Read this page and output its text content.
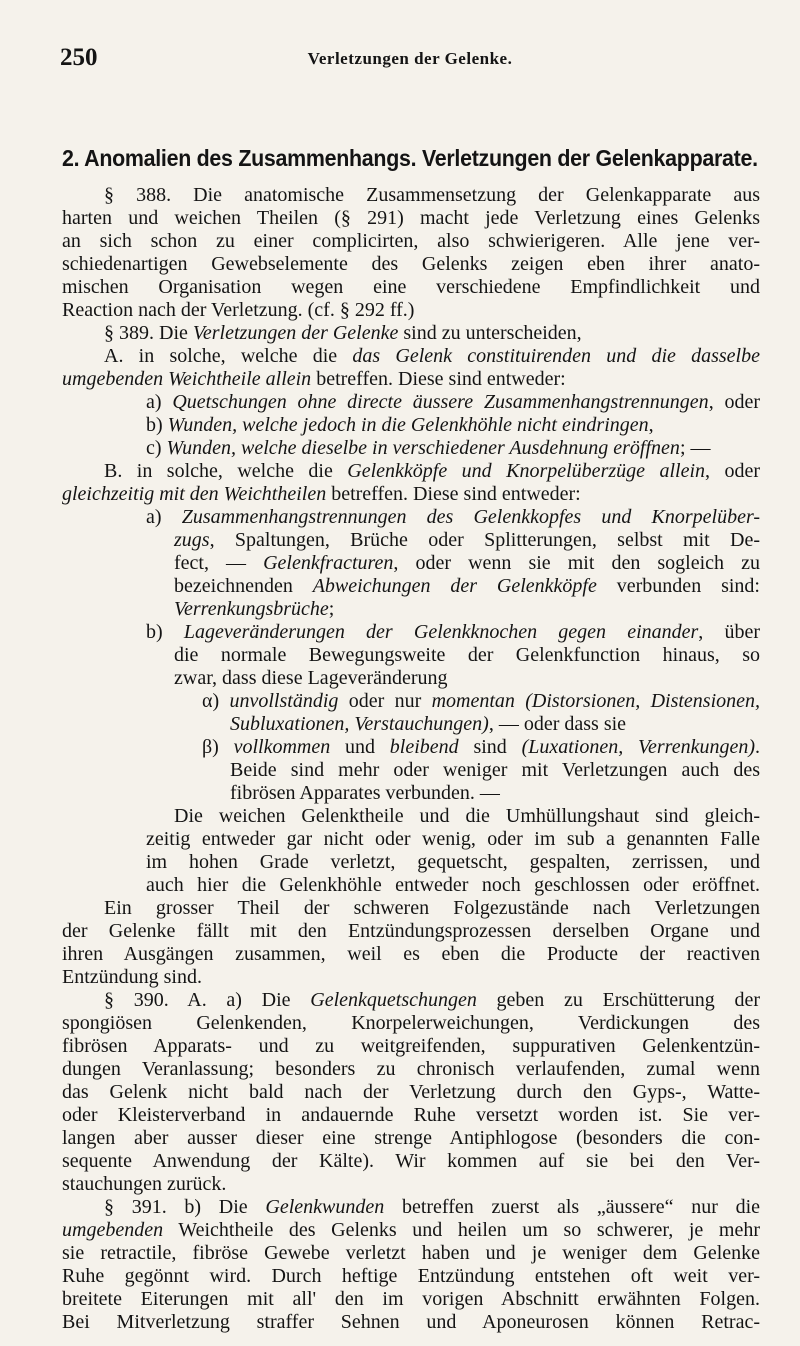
250	Verletzungen der Gelenke.
2. Anomalien des Zusammenhangs. Verletzungen der Gelenkapparate.
§ 388. Die anatomische Zusammensetzung der Gelenkapparate aus
harten und weichen Theilen (§ 291) macht jede Verletzung eines Gelenks
an sich schon zu einer complicirten, also schwierigeren. Alle jene ver-
schiedenartigen Gewebselemente des Gelenks zeigen eben ihrer anato-
mischen Organisation wegen eine verschiedene Empfindlichkeit und
Reaction nach der Verletzung. (cf. § 292 ff.)
§ 389. Die Verletzungen der Gelenke sind zu unterscheiden,
A. in solche, welche die das Gelenk constituirenden und die dasselbe
umgebenden Weichtheile allein betreffen. Diese sind entweder:
a) Quetschungen ohne directe äussere Zusammenhangstrennungen, oder
b) Wunden, welche jedoch in die Gelenkhöhle nicht eindringen,
c) Wunden, welche dieselbe in verschiedener Ausdehnung eröffnen; —
B. in solche, welche die Gelenkköpfe und Knorpelüberzüge allein, oder
gleichzeitig mit den Weichtheilen betreffen. Diese sind entweder:
a) Zusammenhangstrennungen des Gelenkkopfes und Knorpelüber-
zugs, Spaltungen, Brüche oder Splitterungen, selbst mit De-
fect, — Gelenkfracturen, oder wenn sie mit den sogleich zu
bezeichnenden Abweichungen der Gelenkköpfe verbunden sind:
Verrenkungsbrüche;
b) Lageveränderungen der Gelenkknochen gegen einander, über
die normale Bewegungsweite der Gelenkfunction hinaus, so
zwar, dass diese Lageveränderung
α) unvollständig oder nur momentan (Distorsionen, Distensionen,
Subluxationen, Verstauchungen), — oder dass sie
β) vollkommen und bleibend sind (Luxationen, Verrenkungen).
Beide sind mehr oder weniger mit Verletzungen auch des
fibrösen Apparates verbunden. —
Die weichen Gelenktheile und die Umhüllungshaut sind gleich-
zeitig entweder gar nicht oder wenig, oder im sub a genannten Falle
im hohen Grade verletzt, gequetscht, gespalten, zerrissen, und
auch hier die Gelenkhöhle entweder noch geschlossen oder eröffnet.
Ein grosser Theil der schweren Folgezustände nach Verletzungen
der Gelenke fällt mit den Entzündungsprozessen derselben Organe und
ihren Ausgängen zusammen, weil es eben die Producte der reactiven
Entzündung sind.
§ 390. A. a) Die Gelenkquetschungen geben zu Erschütterung der
spongiösen Gelenkenden, Knorpelerweichungen, Verdickungen des
fibrösen Apparats- und zu weitgreifenden, suppurativen Gelenkentzün-
dungen Veranlassung; besonders zu chronisch verlaufenden, zumal wenn
das Gelenk nicht bald nach der Verletzung durch den Gyps-, Watte-
oder Kleisterverband in andauernde Ruhe versetzt worden ist. Sie ver-
langen aber ausser dieser eine strenge Antiphlogose (besonders die con-
sequente Anwendung der Kälte). Wir kommen auf sie bei den Ver-
stauchungen zurück.
§ 391. b) Die Gelenkwunden betreffen zuerst als „äussere“ nur die
umgebenden Weichtheile des Gelenks und heilen um so schwerer, je mehr
sie retractile, fibröse Gewebe verletzt haben und je weniger dem Gelenke
Ruhe gegönnt wird. Durch heftige Entzündung entstehen oft weit ver-
breitete Eiterungen mit all' den im vorigen Abschnitt erwähnten Folgen.
Bei Mitverletzung straffer Sehnen und Aponeurosen können Retrac-
